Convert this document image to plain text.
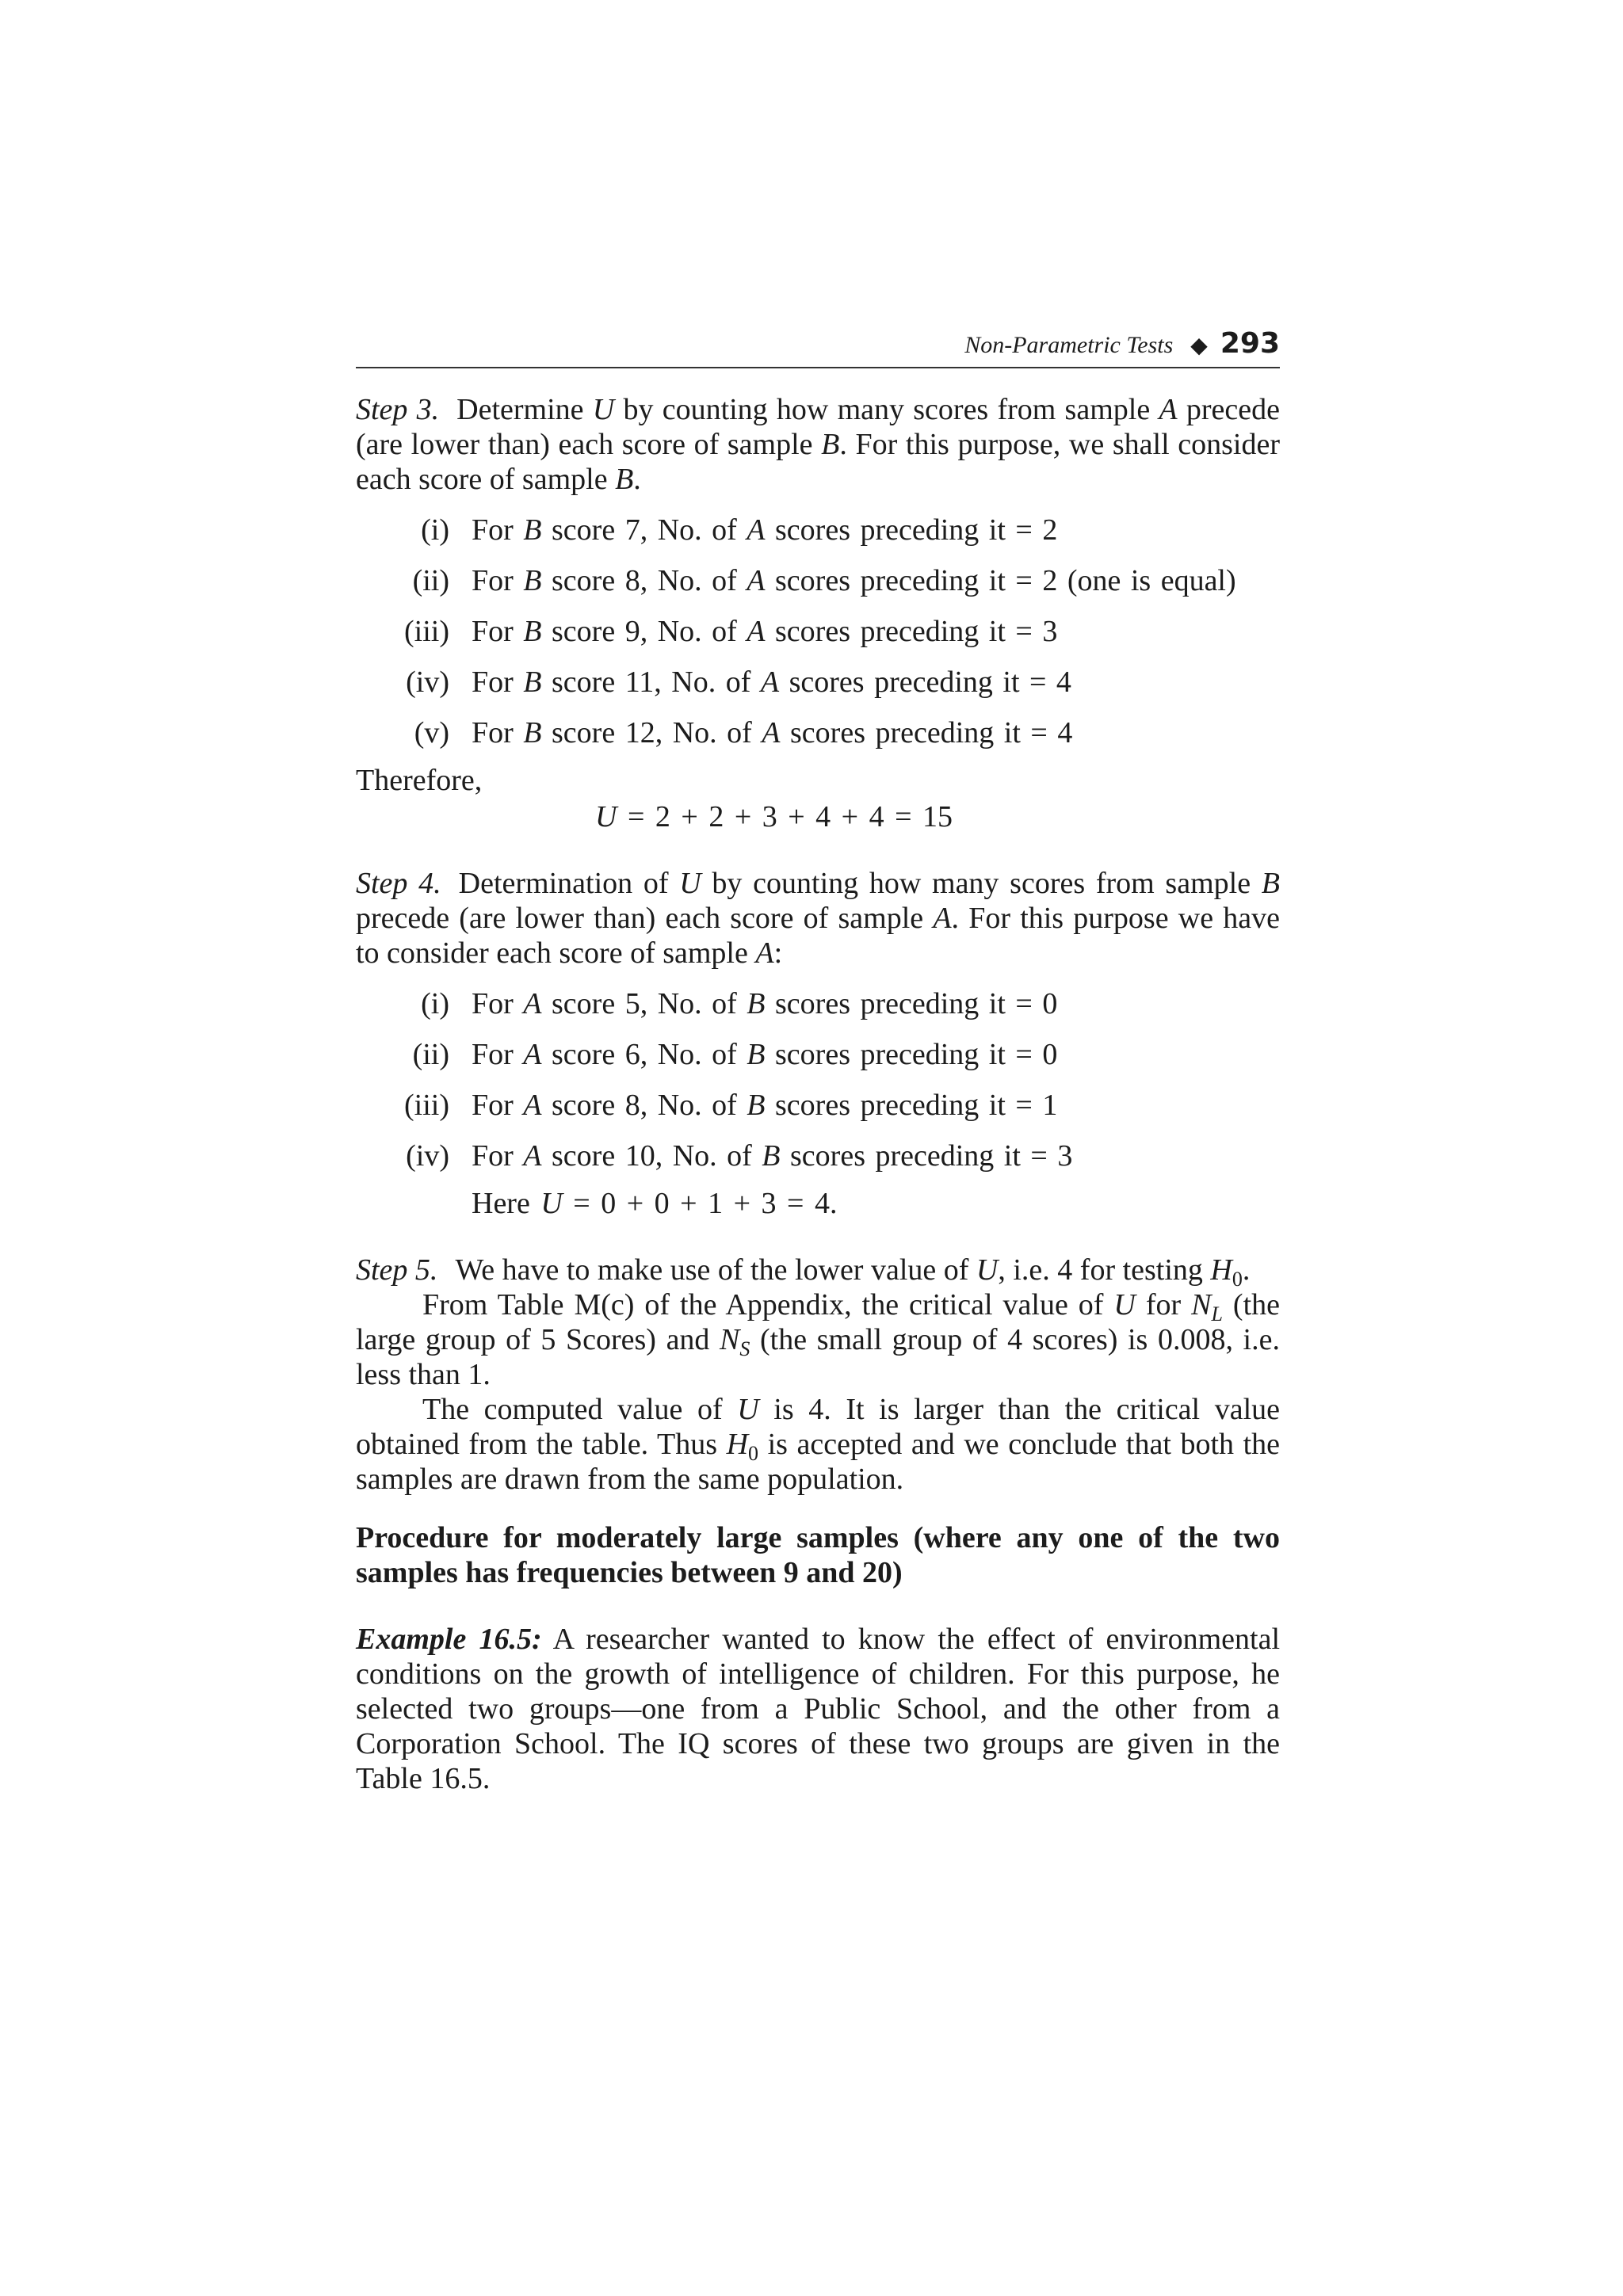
Non-Parametric Tests ◆ 293

Step 3. Determine U by counting how many scores from sample A precede (are lower than) each score of sample B. For this purpose, we shall consider each score of sample B.

(i) For B score 7, No. of A scores preceding it = 2
(ii) For B score 8, No. of A scores preceding it = 2 (one is equal)
(iii) For B score 9, No. of A scores preceding it = 3
(iv) For B score 11, No. of A scores preceding it = 4
(v) For B score 12, No. of A scores preceding it = 4

Therefore,

U = 2 + 2 + 3 + 4 + 4 = 15

Step 4. Determination of U by counting how many scores from sample B precede (are lower than) each score of sample A. For this purpose we have to consider each score of sample A:

(i) For A score 5, No. of B scores preceding it = 0
(ii) For A score 6, No. of B scores preceding it = 0
(iii) For A score 8, No. of B scores preceding it = 1
(iv) For A score 10, No. of B scores preceding it = 3

Here U = 0 + 0 + 1 + 3 = 4.

Step 5. We have to make use of the lower value of U, i.e. 4 for testing $H_0$.

From Table M(c) of the Appendix, the critical value of U for $N_L$ (the large group of 5 Scores) and $N_S$ (the small group of 4 scores) is 0.008, i.e. less than 1.

The computed value of U is 4. It is larger than the critical value obtained from the table. Thus $H_0$ is accepted and we conclude that both the samples are drawn from the same population.

Procedure for moderately large samples (where any one of the two samples has frequencies between 9 and 20)

Example 16.5: A researcher wanted to know the effect of environmental conditions on the growth of intelligence of children. For this purpose, he selected two groups—one from a Public School, and the other from a Corporation School. The IQ scores of these two groups are given in the Table 16.5.
